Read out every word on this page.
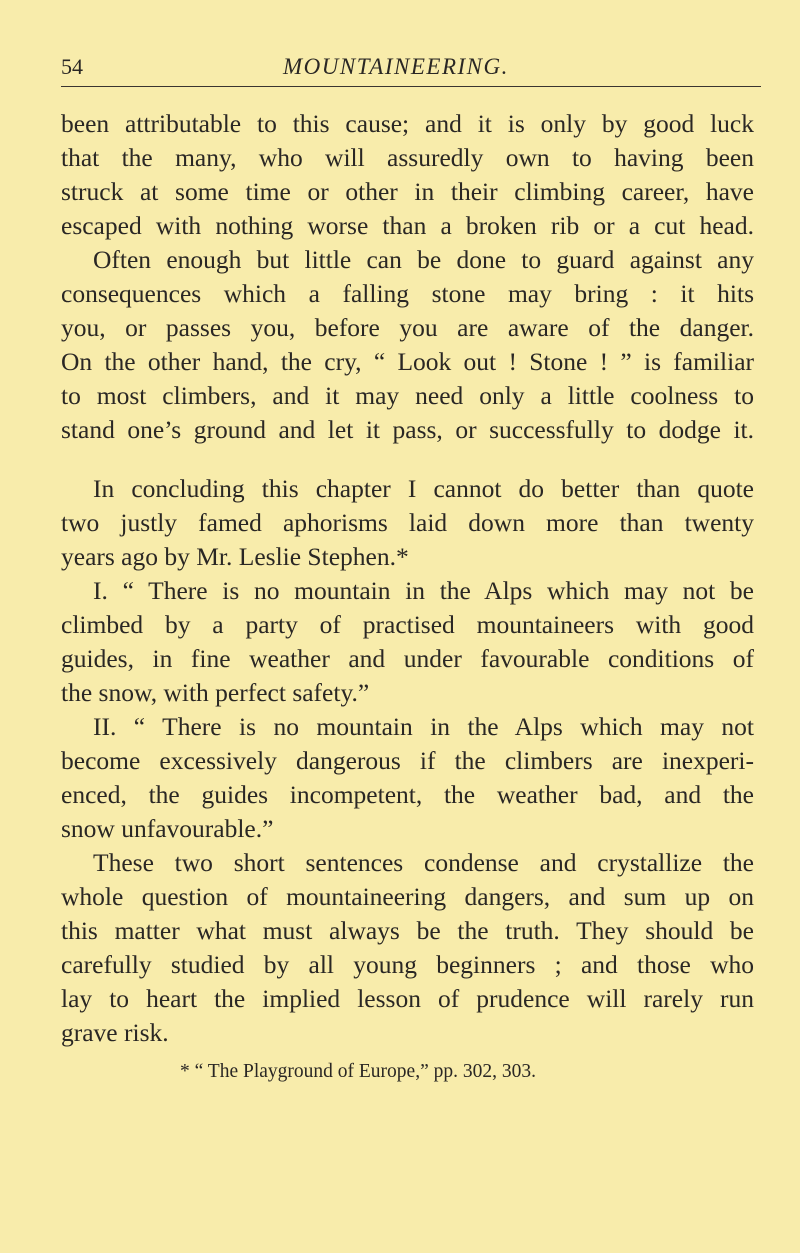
54	MOUNTAINEERING.
been attributable to this cause; and it is only by good luck
that the many, who will assuredly own to having been
struck at some time or other in their climbing career, have
escaped with nothing worse than a broken rib or a cut head.
Often enough but little can be done to guard against any
consequences which a falling stone may bring : it hits
you, or passes you, before you are aware of the danger.
On the other hand, the cry, “ Look out ! Stone ! ” is familiar
to most climbers, and it may need only a little coolness to
stand one’s ground and let it pass, or successfully to dodge it.
In concluding this chapter I cannot do better than quote
two justly famed aphorisms laid down more than twenty
years ago by Mr. Leslie Stephen.*
I. “ There is no mountain in the Alps which may not be
climbed by a party of practised mountaineers with good
guides, in fine weather and under favourable conditions of
the snow, with perfect safety.”
II. “ There is no mountain in the Alps which may not
become excessively dangerous if the climbers are inexperi-
enced, the guides incompetent, the weather bad, and the
snow unfavourable.”
These two short sentences condense and crystallize the
whole question of mountaineering dangers, and sum up on
this matter what must always be the truth. They should be
carefully studied by all young beginners ; and those who
lay to heart the implied lesson of prudence will rarely run
grave risk.
* “ The Playground of Europe,” pp. 302, 303.
